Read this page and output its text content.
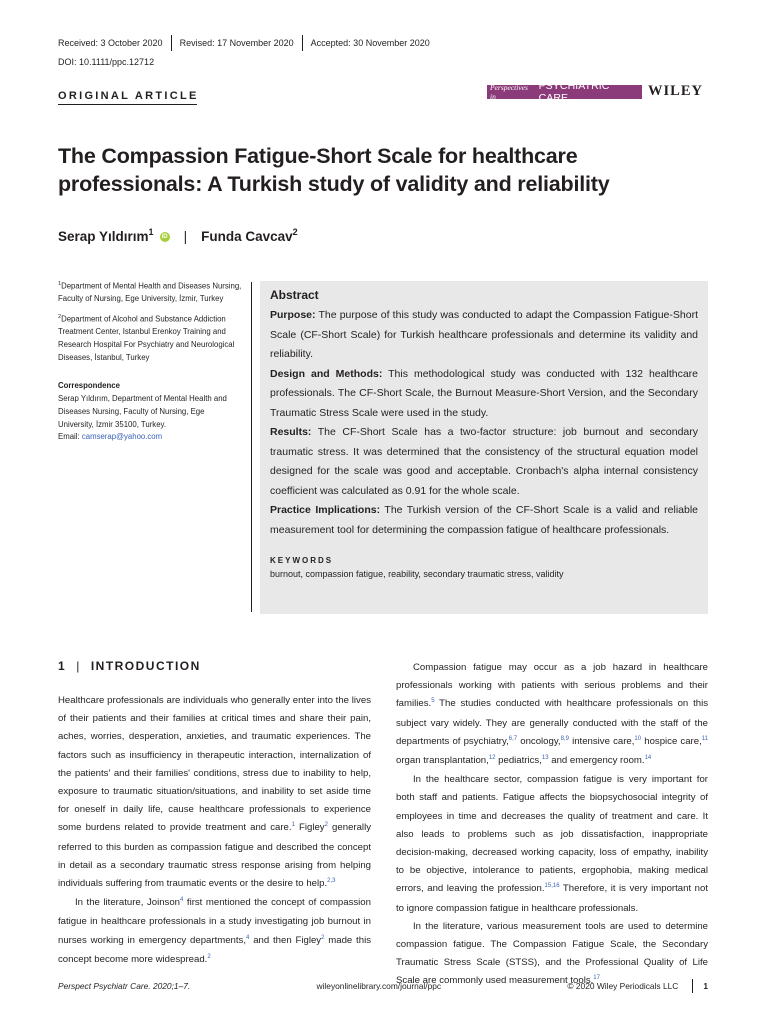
Received: 3 October 2020	Revised: 17 November 2020	Accepted: 30 November 2020
DOI: 10.1111/ppc.12712
ORIGINAL ARTICLE
Perspectives in
PSYCHIATRIC CARE	WILEY
The Compassion Fatigue-Short Scale for healthcare professionals: A Turkish study of validity and reliability
Serap Yıldırım$^1$	iD | Funda Cavcav$^2$

$^1$Department of Mental Health and Diseases Nursing, Faculty of Nursing, Ege University, İzmir, Turkey

$^2$Department of Alcohol and Substance Addiction Treatment Center, Istanbul Erenkoy Training and Research Hospital For Psychiatry and Neurological Diseases, İstanbul, Turkey

Correspondence

Serap Yıldırım, Department of Mental Health and Diseases Nursing, Faculty of Nursing, Ege University, İzmir 35100, Turkey.
Email: camserap@yahoo.com

Abstract

Purpose: The purpose of this study was conducted to adapt the Compassion Fatigue-Short Scale (CF-Short Scale) for Turkish healthcare professionals and determine its validity and reliability.

Design and Methods: This methodological study was conducted with 132 healthcare professionals. The CF-Short Scale, the Burnout Measure-Short Version, and the Secondary Traumatic Stress Scale were used in the study.

Results: The CF-Short Scale has a two-factor structure: job burnout and secondary traumatic stress. It was determined that the consistency of the structural equation model designed for the scale was good and acceptable. Cronbach's alpha internal consistency coefficient was calculated as 0.91 for the whole scale.

Practice Implications: The Turkish version of the CF-Short Scale is a valid and reliable measurement tool for determining the compassion fatigue of healthcare professionals.

KEYWORDS
burnout, compassion fatigue, reability, secondary traumatic stress, validity
1 | INTRODUCTION

Healthcare professionals are individuals who generally enter into the lives of their patients and their families at critical times and share their pain, aches, worries, desperation, anxieties, and traumatic experiences. The factors such as insufficiency in therapeutic interaction, internalization of the patients' and their families' conditions, stress due to inability to help, exposure to traumatic situation/situations, and inability to set aside time for oneself in daily life, cause healthcare professionals to experience some burdens related to provide treatment and care.$^1$ Figley$^2$ generally referred to this burden as compassion fatigue and described the concept in detail as a secondary traumatic stress response arising from helping individuals suffering from traumatic events or the desire to help.$^{2,3}$

In the literature, Joinson$^4$ first mentioned the concept of compassion fatigue in healthcare professionals in a study investigating job burnout in nurses working in emergency departments,$^4$ and then Figley$^2$ made this concept become more widespread.$^2$

Compassion fatigue may occur as a job hazard in healthcare professionals working with patients with serious problems and their families.$^5$ The studies conducted with healthcare professionals on this subject vary widely. They are generally conducted with the staff of the departments of psychiatry,$^{6,7}$ oncology,$^{8,9}$ intensive care,$^{10}$ hospice care,$^{11}$ organ transplantation,$^{12}$ pediatrics,$^{13}$ and emergency room.$^{14}$

In the healthcare sector, compassion fatigue is very important for both staff and patients. Fatigue affects the biopsychosocial integrity of employees in time and decreases the quality of treatment and care. It also leads to problems such as job dissatisfaction, inappropriate decision-making, decreased working capacity, loss of empathy, inability to be objective, intolerance to patients, ergophobia, making medical errors, and leaving the profession.$^{15,16}$ Therefore, it is very important not to ignore compassion fatigue in healthcare professionals.

In the literature, various measurement tools are used to determine compassion fatigue. The Compassion Fatigue Scale, the Secondary Traumatic Stress Scale (STSS), and the Professional Quality of Life Scale are commonly used measurement tools.$^{17}$

Perspect Psychiatr Care. 2020;1–7.	wileyonlinelibrary.com/journal/ppc	© 2020 Wiley Periodicals LLC	1
